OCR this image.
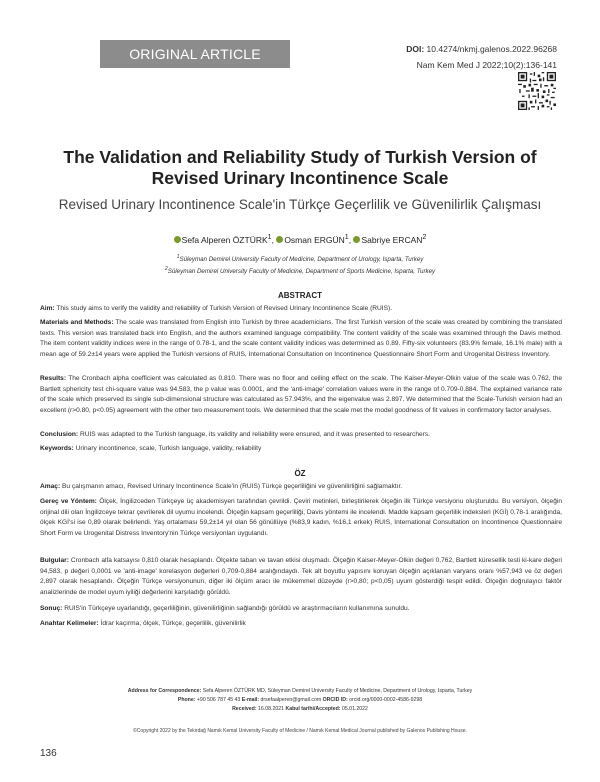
ORIGINAL ARTICLE	DOI: 10.4274/nkmj.galenos.2022.96268
Nam Kem Med J 2022;10(2):136-141
The Validation and Reliability Study of Turkish Version of Revised Urinary Incontinence Scale
Revised Urinary Incontinence Scale'in Türkçe Geçerlilik ve Güvenilirlik Çalışması
Sefa Alperen ÖZTÜRK$^1$, Osman ERGÜN$^1$, Sabriye ERCAN$^2$
$^1$Süleyman Demirel University Faculty of Medicine, Department of Urology, Isparta, Turkey
$^2$Süleyman Demirel University Faculty of Medicine, Department of Sports Medicine, Isparta, Turkey
ABSTRACT
Aim: This study aims to verify the validity and reliability of Turkish Version of Revised Urinary Incontinence Scale (RUIS).
Materials and Methods: The scale was translated from English into Turkish by three academicians. The first Turkish version of the scale was created by combining the translated texts. This version was translated back into English, and the authors examined language compatibility. The content validity of the scale was examined through the Davis method. The item content validity indices were in the range of 0.78-1, and the scale content validity indices was determined as 0.89. Fifty-six volunteers (83.9% female, 16.1% male) with a mean age of 59.2±14 years were applied the Turkish versions of RUIS, International Consultation on Incontinence Questionnaire Short Form and Urogenital Distress Inventory.
Results: The Cronbach alpha coefficient was calculated as 0.810. There was no floor and ceiling effect on the scale. The Kaiser-Meyer-Olkin value of the scale was 0.762, the Bartlett sphericity test chi-square value was 94.583, the p value was 0.0001, and the 'anti-image' correlation values were in the range of 0.709-0.884. The explained variance rate of the scale which preserved its single sub-dimensional structure was calculated as 57.943%, and the eigenvalue was 2.897. We determined that the Scale-Turkish version had an excellent (r>0.80, p<0.05) agreement with the other two measurement tools. We determined that the scale met the model goodness of fit values in confirmatory factor analyses.
Conclusion: RUIS was adapted to the Turkish language, its validity and reliability were ensured, and it was presented to researchers.
Keywords: Urinary incontinence, scale, Turkish language, validity, reliability
ÖZ
Amaç: Bu çalışmanın amacı, Revised Urinary Incontinence Scale'in (RUIS) Türkçe geçerliliğini ve güvenilirliğini sağlamaktır.
Gereç ve Yöntem: Ölçek, İngilizceden Türkçeye üç akademisyen tarafından çevrildi. Çeviri metinleri, birleştirilerek ölçeğin ilk Türkçe versiyonu oluşturuldu. Bu versiyon, ölçeğin orijinal dili olan İngilizceye tekrar çevrilerek dil uyumu incelendi. Ölçeğin kapsam geçerliliği, Davis yöntemi ile incelendi. Madde kapsam geçerlilik indeksleri (KGİ) 0,78-1 aralığında, ölçek KGİ'si ise 0,89 olarak belirlendi. Yaş ortalaması 59,2±14 yıl olan 56 gönüllüye (%83,9 kadın, %16,1 erkek) RUIS, International Consultation on Incontinence Questionnaire Short Form ve Urogenital Distress Inventory'nin Türkçe versiyonları uygulandı.
Bulgular: Cronbach alfa katsayısı 0,810 olarak hesaplandı. Ölçekte taban ve tavan etkisi oluşmadı. Ölçeğin Kaiser-Meyer-Olkin değeri 0,762, Bartlett küresellik testi ki-kare değeri 94,583, p değeri 0,0001 ve 'anti-image' korelasyon değerleri 0,709-0,884 aralığındaydı. Tek alt boyutlu yapısını koruyan ölçeğin açıklanan varyans oranı %57,943 ve öz değeri 2,897 olarak hesaplandı. Ölçeğin Türkçe versiyonunun, diğer iki ölçüm aracı ile mükemmel düzeyde (r>0,80; p<0,05) uyum gösterdiği tespit edildi. Ölçeğin doğrulayıcı faktör analizlerinde de model uyum iyiliği değerlerini karşıladığı görüldü.
Sonuç: RUIS'in Türkçeye uyarlandığı, geçerliliğinin, güvenilirliğinin sağlandığı görüldü ve araştırmacıların kullanımına sunuldu.
Anahtar Kelimeler: İdrar kaçırma, ölçek, Türkçe, geçerlilik, güvenilirlik
Address for Correspondence: Sefa Alperen ÖZTÜRK MD, Süleyman Demirel University Faculty of Medicine, Department of Urology, Isparta, Turkey
Phone: +90 506 787 45 43 E-mail: drsefaalperen@gmail.com ORCID ID: orcid.org/0000-0002-4586-9298
Received: 16.08.2021 Kabul tarihi/Accepted: 05.01.2022
©Copyright 2022 by the Tekirdağ Namık Kemal University Faculty of Medicine / Namık Kemal Medical Journal published by Galenos Publishing House.
136
